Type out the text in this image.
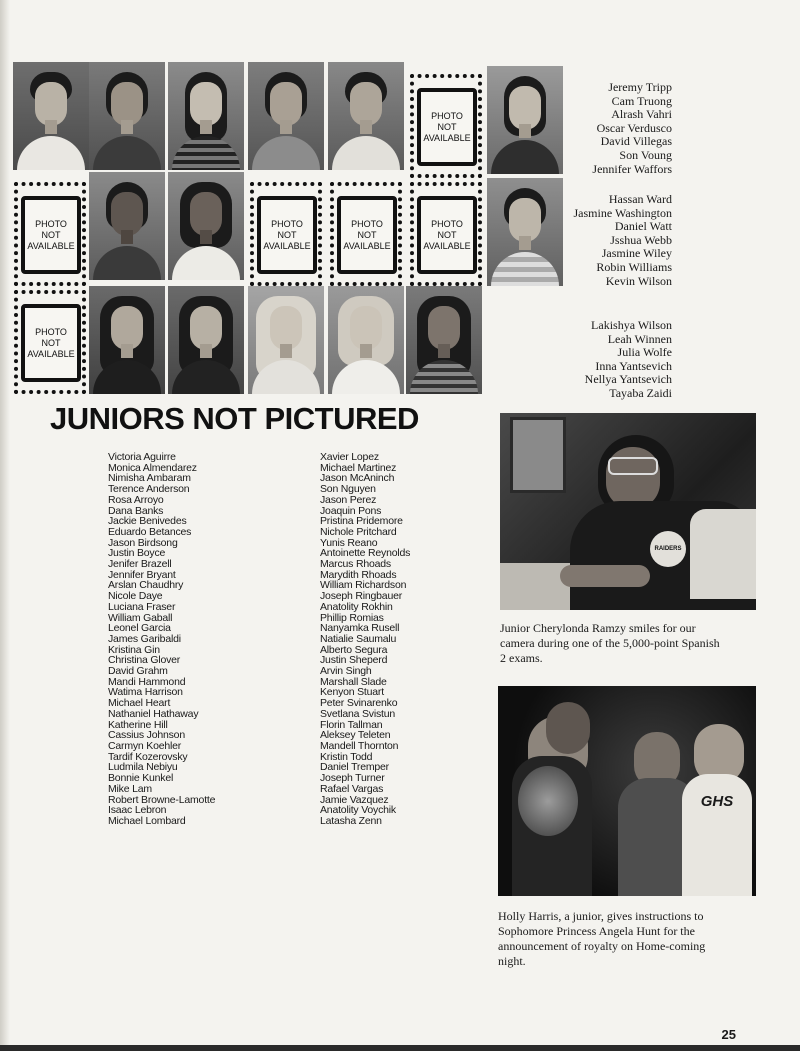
PHOTO
NOT
AVAILABLE
PHOTO
NOT
AVAILABLE
PHOTO
NOT
AVAILABLE
PHOTO
NOT
AVAILABLE
PHOTO
NOT
AVAILABLE
PHOTO
NOT
AVAILABLE
Jeremy Tripp
Cam Truong
Alrash Vahri
Oscar Verdusco
David Villegas
Son Voung
Jennifer Waffors
Hassan Ward
Jasmine Washington
Daniel Watt
Jsshua Webb
Jasmine Wiley
Robin Williams
Kevin Wilson
Lakishya Wilson
Leah Winnen
Julia Wolfe
Inna Yantsevich
Nellya Yantsevich
Tayaba Zaidi
JUNIORS NOT PICTURED
Victoria Aguirre
Monica Almendarez
Nimisha Ambaram
Terence Anderson
Rosa Arroyo
Dana Banks
Jackie Benivedes
Eduardo Betances
Jason Birdsong
Justin Boyce
Jenifer Brazell
Jennifer Bryant
Arslan Chaudhry
Nicole Daye
Luciana Fraser
William Gaball
Leonel Garcia
James Garibaldi
Kristina Gin
Christina Glover
David Grahm
Mandi Hammond
Watima Harrison
Michael Heart
Nathaniel Hathaway
Katherine Hill
Cassius Johnson
Carmyn Koehler
Tardif Kozerovsky
Ludmila Nebiyu
Bonnie Kunkel
Mike Lam
Robert Browne-Lamotte
Isaac Lebron
Michael Lombard
Xavier Lopez
Michael Martinez
Jason McAninch
Son Nguyen
Jason Perez
Joaquin Pons
Pristina Pridemore
Nichole Pritchard
Yunis Reano
Antoinette Reynolds
Marcus Rhoads
Marydith Rhoads
William Richardson
Joseph Ringbauer
Anatolity Rokhin
Phillip Romias
Nanyamka Rusell
Natialie Saumalu
Alberto Segura
Justin Sheperd
Arvin Singh
Marshall Slade
Kenyon Stuart
Peter Svinarenko
Svetlana Svistun
Florin Tallman
Aleksey Teleten
Mandell Thornton
Kristin Todd
Daniel Tremper
Joseph Turner
Rafael Vargas
Jamie Vazquez
Anatolity Voychik
Latasha Zenn
RAIDERS
Junior Cherylonda Ramzy smiles for our camera during one of the 5,000-point Spanish 2 exams.
GHS
Holly Harris, a junior, gives instructions to Sophomore Princess Angela Hunt for the announcement of royalty on Home-coming night.
25
